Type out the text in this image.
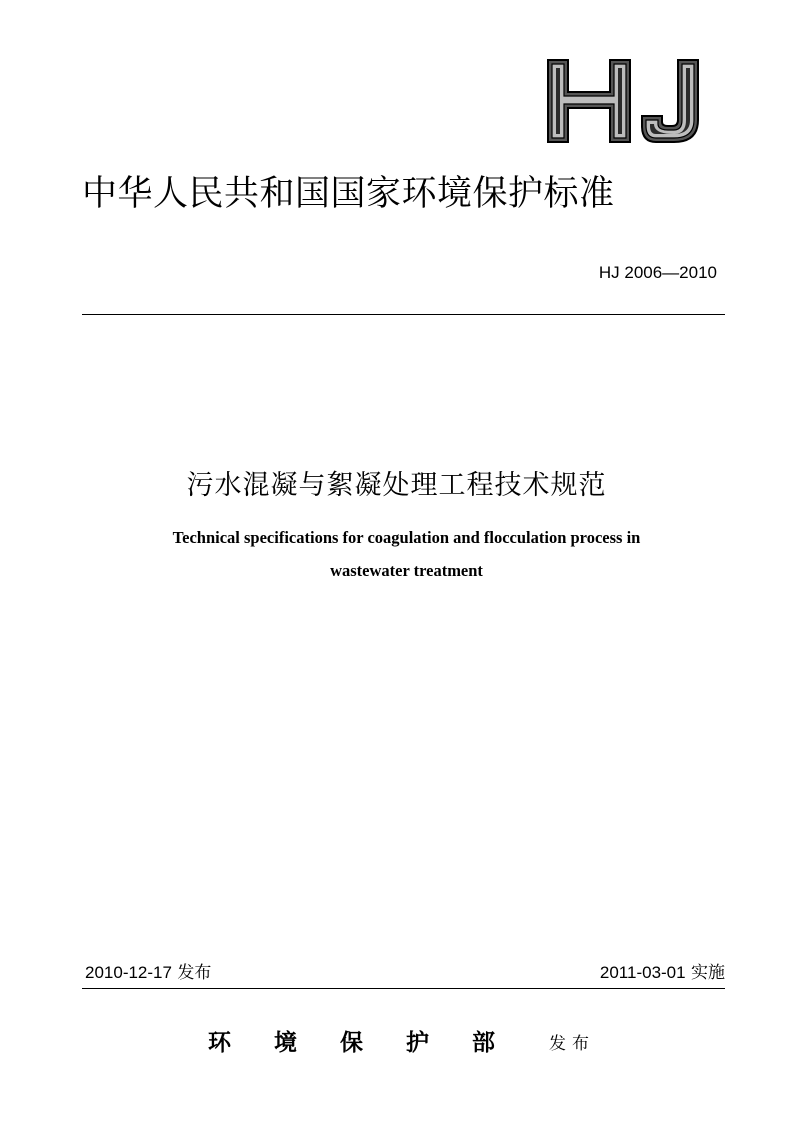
中华人民共和国国家环境保护标准
HJ 2006—2010
污水混凝与絮凝处理工程技术规范
Technical specifications for coagulation and flocculation process in
wastewater treatment
2010-12-17 发布	2011-03-01 实施
环境保护部 发布
